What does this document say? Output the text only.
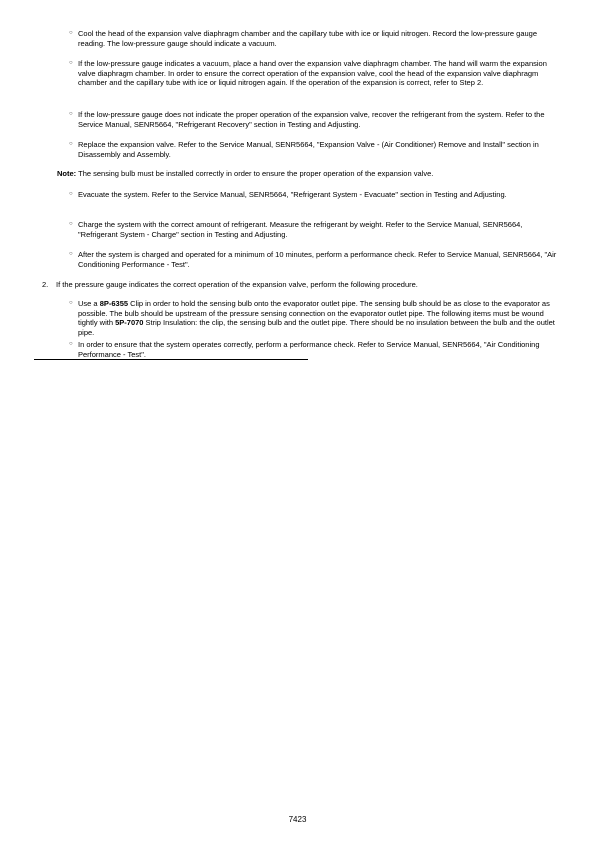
○ Cool the head of the expansion valve diaphragm chamber and the capillary tube with ice or liquid nitrogen. Record the low-pressure gauge reading. The low-pressure gauge should indicate a vacuum.

○ If the low-pressure gauge indicates a vacuum, place a hand over the expansion valve diaphragm chamber. The hand will warm the expansion valve diaphragm chamber. In order to ensure the correct operation of the expansion valve, cool the head of the expansion valve diaphragm chamber and the capillary tube with ice or liquid nitrogen again. If the operation of the expansion is correct, refer to Step 2.

○ If the low-pressure gauge does not indicate the proper operation of the expansion valve, recover the refrigerant from the system. Refer to the Service Manual, SENR5664, "Refrigerant Recovery" section in Testing and Adjusting.

○ Replace the expansion valve. Refer to the Service Manual, SENR5664, "Expansion Valve - (Air Conditioner) Remove and Install" section in Disassembly and Assembly.

Note: The sensing bulb must be installed correctly in order to ensure the proper operation of the expansion valve.

○ Evacuate the system. Refer to the Service Manual, SENR5664, "Refrigerant System - Evacuate" section in Testing and Adjusting.

○ Charge the system with the correct amount of refrigerant. Measure the refrigerant by weight. Refer to the Service Manual, SENR5664, "Refrigerant System - Charge" section in Testing and Adjusting.

○ After the system is charged and operated for a minimum of 10 minutes, perform a performance check. Refer to Service Manual, SENR5664, "Air Conditioning Performance - Test".

2. If the pressure gauge indicates the correct operation of the expansion valve, perform the following procedure.

○ Use a 8P-6355 Clip in order to hold the sensing bulb onto the evaporator outlet pipe. The sensing bulb should be as close to the evaporator as possible. The bulb should be upstream of the pressure sensing connection on the evaporator outlet pipe. The following items must be wound tightly with 5P-7070 Strip Insulation: the clip, the sensing bulb and the outlet pipe. There should be no insulation between the bulb and the outlet pipe.

○ In order to ensure that the system operates correctly, perform a performance check. Refer to Service Manual, SENR5664, "Air Conditioning Performance - Test".

7423
